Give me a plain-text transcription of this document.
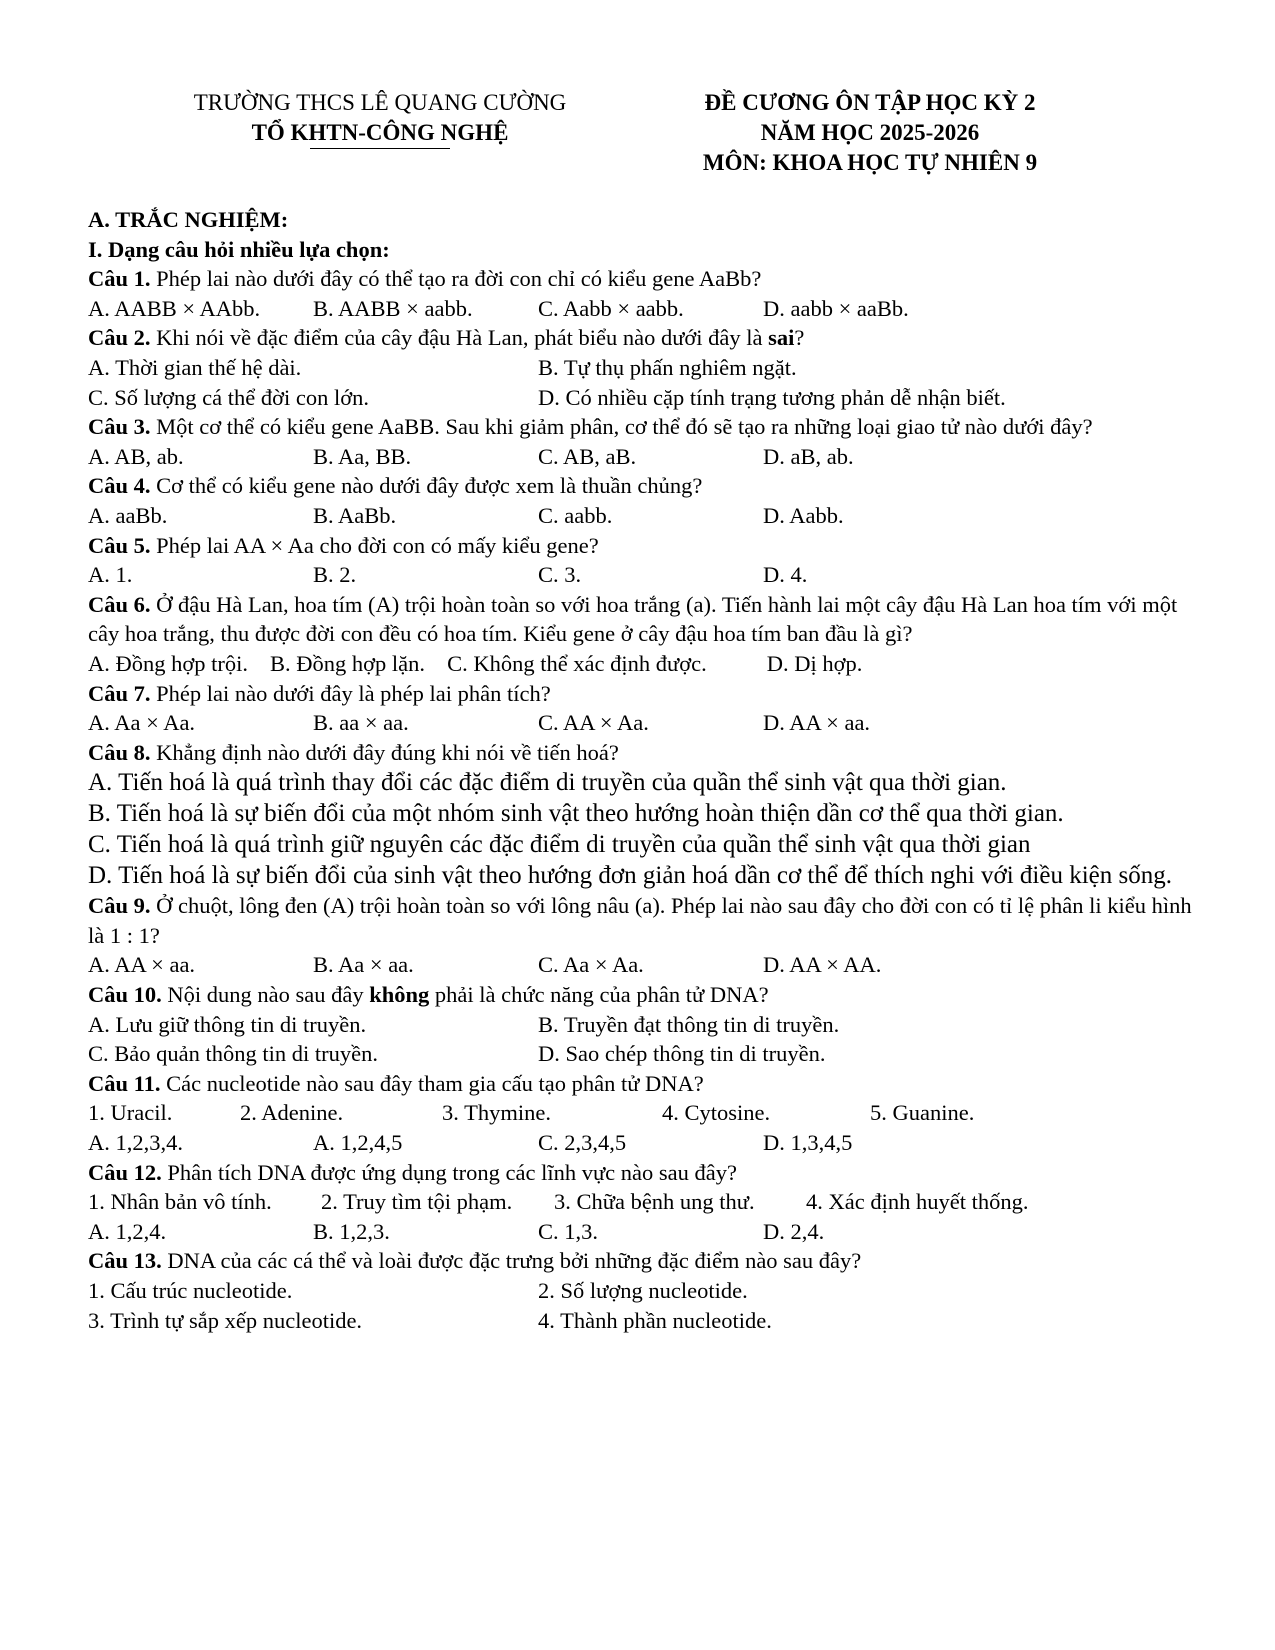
TRƯỜNG THCS LÊ QUANG CƯỜNG
TỔ KHTN-CÔNG NGHỆ
ĐỀ CƯƠNG ÔN TẬP HỌC KỲ 2
NĂM HỌC 2025-2026
MÔN: KHOA HỌC TỰ NHIÊN 9

A. TRẮC NGHIỆM:

I. Dạng câu hỏi nhiều lựa chọn:

Câu 1. Phép lai nào dưới đây có thể tạo ra đời con chỉ có kiểu gene AaBb?

A. AABB × AAbb.	B. AABB × aabb.	C. Aabb × aabb.	D. aabb × aaBb.

Câu 2. Khi nói về đặc điểm của cây đậu Hà Lan, phát biểu nào dưới đây là sai?

A. Thời gian thế hệ dài.	B. Tự thụ phấn nghiêm ngặt.
C. Số lượng cá thể đời con lớn.	D. Có nhiều cặp tính trạng tương phản dễ nhận biết.

Câu 3. Một cơ thể có kiểu gene AaBB. Sau khi giảm phân, cơ thể đó sẽ tạo ra những loại giao tử nào dưới đây?

A. AB, ab.	B. Aa, BB.	C. AB, aB.	D. aB, ab.

Câu 4. Cơ thể có kiểu gene nào dưới đây được xem là thuần chủng?

A. aaBb.	B. AaBb.	C. aabb.	D. Aabb.

Câu 5. Phép lai AA × Aa cho đời con có mấy kiểu gene?

A. 1.	B. 2.	C. 3.	D. 4.

Câu 6. Ở đậu Hà Lan, hoa tím (A) trội hoàn toàn so với hoa trắng (a). Tiến hành lai một cây đậu Hà Lan hoa tím với một cây hoa trắng, thu được đời con đều có hoa tím. Kiểu gene ở cây đậu hoa tím ban đầu là gì?

A. Đồng hợp trội. B. Đồng hợp lặn. C. Không thể xác định được.	D. Dị hợp.

Câu 7. Phép lai nào dưới đây là phép lai phân tích?

A. Aa × Aa.	B. aa × aa.	C. AA × Aa.	D. AA × aa.

Câu 8. Khẳng định nào dưới đây đúng khi nói về tiến hoá?

A. Tiến hoá là quá trình thay đổi các đặc điểm di truyền của quần thể sinh vật qua thời gian.

B. Tiến hoá là sự biến đổi của một nhóm sinh vật theo hướng hoàn thiện dần cơ thể qua thời gian.

C. Tiến hoá là quá trình giữ nguyên các đặc điểm di truyền của quần thể sinh vật qua thời gian

D. Tiến hoá là sự biến đổi của sinh vật theo hướng đơn giản hoá dần cơ thể để thích nghi với điều kiện sống.

Câu 9. Ở chuột, lông đen (A) trội hoàn toàn so với lông nâu (a). Phép lai nào sau đây cho đời con có tỉ lệ phân li kiểu hình là 1 : 1?

A. AA × aa.	B. Aa × aa.	C. Aa × Aa.	D. AA × AA.

Câu 10. Nội dung nào sau đây không phải là chức năng của phân tử DNA?

A. Lưu giữ thông tin di truyền.	B. Truyền đạt thông tin di truyền.
C. Bảo quản thông tin di truyền.	D. Sao chép thông tin di truyền.

Câu 11. Các nucleotide nào sau đây tham gia cấu tạo phân tử DNA?

1. Uracil.	2. Adenine.	3. Thymine.	4. Cytosine.	5. Guanine.
A. 1,2,3,4.	A. 1,2,4,5	C. 2,3,4,5	D. 1,3,4,5

Câu 12. Phân tích DNA được ứng dụng trong các lĩnh vực nào sau đây?

1. Nhân bản vô tính.	2. Truy tìm tội phạm.	3. Chữa bệnh ung thư.	4. Xác định huyết thống.
A. 1,2,4.	B. 1,2,3.	C. 1,3.	D. 2,4.

Câu 13. DNA của các cá thể và loài được đặc trưng bởi những đặc điểm nào sau đây?

1. Cấu trúc nucleotide.	2. Số lượng nucleotide.
3. Trình tự sắp xếp nucleotide.	4. Thành phần nucleotide.
